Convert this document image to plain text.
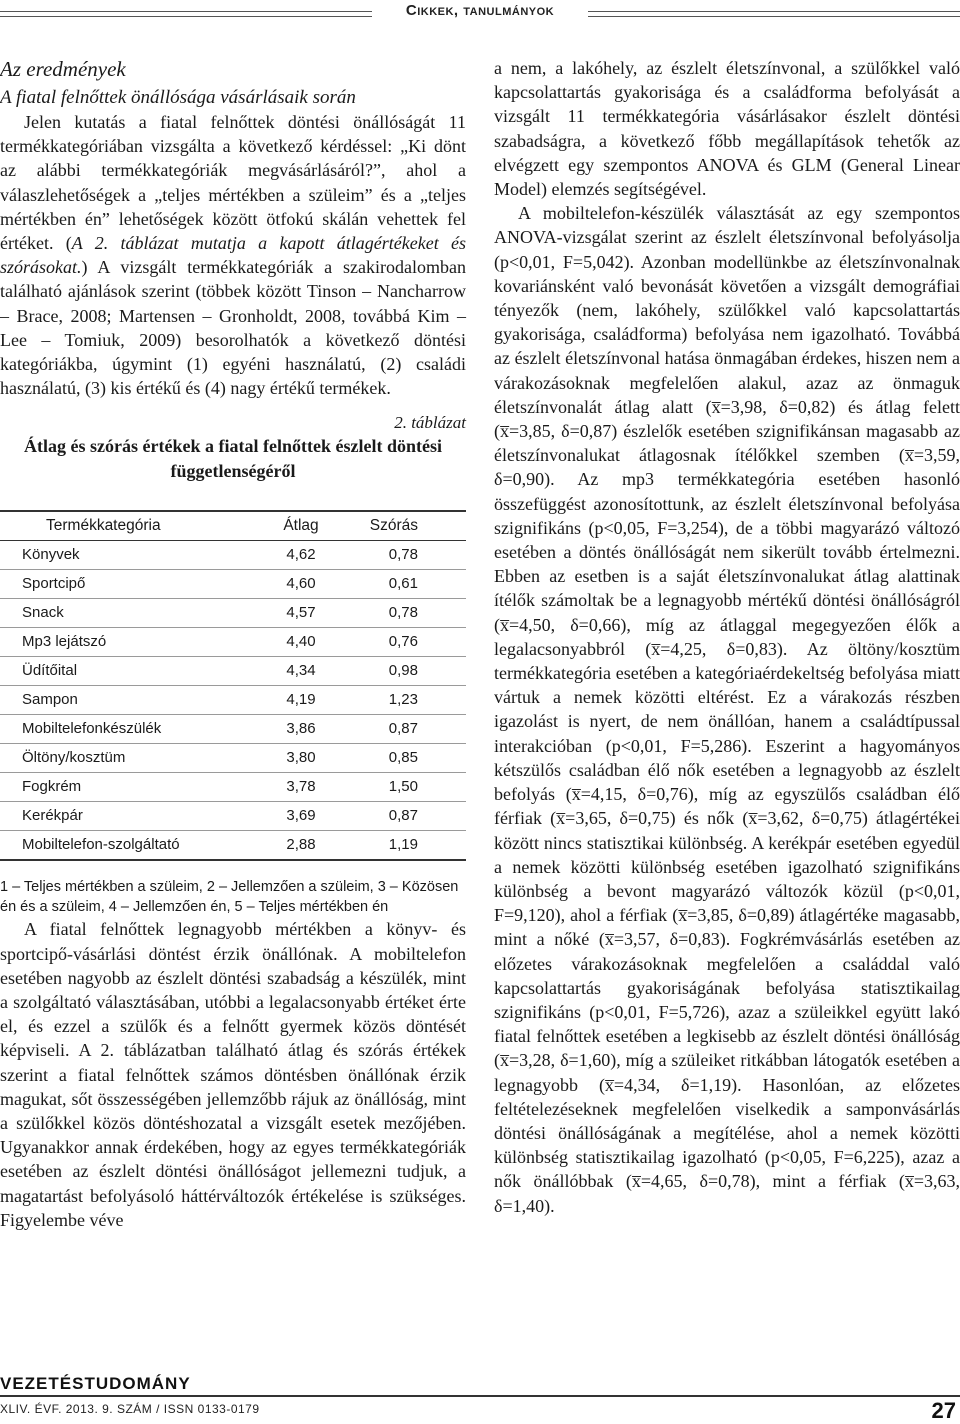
Cikkek, tanulmányok
Az eredmények
A fiatal felnőttek önállósága vásárlásaik során

Jelen kutatás a fiatal felnőttek döntési önállóságát 11 termékkategóriában vizsgálta a következő kérdéssel: „Ki dönt az alábbi termékkategóriák megvásárlásáról?”, ahol a válaszlehetőségek a „teljes mértékben a szüleim” és a „teljes mértékben én” lehetőségek között ötfokú skálán vehettek fel értéket. (A 2. táblázat mutatja a kapott átlagértékeket és szórásokat.) A vizsgált termékkategóriák a szakirodalomban található ajánlások szerint (többek között Tinson – Nancharrow – Brace, 2008; Martensen – Gronholdt, 2008, továbbá Kim – Lee – Tomiuk, 2009) besorolhatók a következő döntési kategóriákba, úgymint (1) egyéni használatú, (2) családi használatú, (3) kis értékű és (4) nagy értékű termékek.

2. táblázat
Átlag és szórás értékek a fiatal felnőttek észlelt döntési függetlenségéről
Termékkategória	Átlag	Szórás
Könyvek	4,62	0,78
Sportcipő	4,60	0,61
Snack	4,57	0,78
Mp3 lejátszó	4,40	0,76
Üdítőital	4,34	0,98
Sampon	4,19	1,23
Mobiltelefonkészülék	3,86	0,87
Öltöny/kosztüm	3,80	0,85
Fogkrém	3,78	1,50
Kerékpár	3,69	0,87
Mobiltelefon-szolgáltató	2,88	1,19
1 – Teljes mértékben a szüleim, 2 – Jellemzően a szüleim, 3 – Közösen én és a szüleim, 4 – Jellemzően én, 5 – Teljes mértékben én

A fiatal felnőttek legnagyobb mértékben a könyv- és sportcipő-vásárlási döntést érzik önállónak. A mobiltelefon esetében nagyobb az észlelt döntési szabadság a készülék, mint a szolgáltató választásában, utóbbi a legalacsonyabb értéket érte el, és ezzel a szülők és a felnőtt gyermek közös döntését képviseli. A 2. táblázatban található átlag és szórás értékek szerint a fiatal felnőttek számos döntésben önállónak érzik magukat, sőt összességében jellemzőbb rájuk az önállóság, mint a szülőkkel közös döntéshozatal a vizsgált esetek mezőjében. Ugyanakkor annak érdekében, hogy az egyes termékkategóriák esetében az észlelt döntési önállóságot jellemezni tudjuk, a magatartást befolyásoló háttérváltozók értékelése is szükséges. Figyelembe véve

a nem, a lakóhely, az észlelt életszínvonal, a szülőkkel való kapcsolattartás gyakorisága és a családforma befolyását a vizsgált 11 termékkategória vásárlásakor észlelt döntési szabadságra, a következő főbb megállapítások tehetők az elvégzett egy szempontos ANOVA és GLM (General Linear Model) elemzés segítségével.

A mobiltelefon-készülék választását az egy szempontos ANOVA-vizsgálat szerint az észlelt életszínvonal befolyásolja (p<0,01, F=5,042). Azonban modellünkbe az életszínvonalnak kovariánsként való bevonását követően a vizsgált demográfiai tényezők (nem, lakóhely, szülőkkel való kapcsolattartás gyakorisága, családforma) befolyása nem igazolható. Továbbá az észlelt életszínvonal hatása önmagában érdekes, hiszen nem a várakozásoknak megfelelően alakul, azaz az önmaguk életszínvonalát átlag alatt (x̅=3,98, δ=0,82) és átlag felett (x̅=3,85, δ=0,87) észlelők esetében szignifikánsan magasabb az életszínvonalukat átlagosnak ítélőkkel szemben (x̅=3,59, δ=0,90). Az mp3 termékkategória esetében hasonló összefüggést azonosítottunk, az észlelt életszínvonal befolyása szignifikáns (p<0,05, F=3,254), de a többi magyarázó változó esetében a döntés önállóságát nem sikerült tovább értelmezni. Ebben az esetben is a saját életszínvonalukat átlag alattinak ítélők számoltak be a legnagyobb mértékű döntési önállóságról (x̅=4,50, δ=0,66), míg az átlaggal megegyezően élők a legalacsonyabbról (x̅=4,25, δ=0,83). Az öltöny/kosztüm termékkategória esetében a kategóriaérdekeltség befolyása miatt vártuk a nemek közötti eltérést. Ez a várakozás részben igazolást is nyert, de nem önállóan, hanem a családtípussal interakcióban (p<0,01, F=5,286). Eszerint a hagyományos kétszülős családban élő nők esetében a legnagyobb az észlelt befolyás (x̅=4,15, δ=0,76), míg az egyszülős családban élő férfiak (x̅=3,65, δ=0,75) és nők (x̅=3,62, δ=0,75) átlagértékei között nincs statisztikai különbség. A kerékpár esetében egyedül a nemek közötti különbség esetében igazolható szignifikáns különbség a bevont magyarázó változók közül (p<0,01, F=9,120), ahol a férfiak (x̅=3,85, δ=0,89) átlagértéke magasabb, mint a nőké (x̅=3,57, δ=0,83). Fogkrémvásárlás esetében az előzetes várakozásoknak megfelelően a családdal való kapcsolattartás gyakoriságának befolyása statisztikailag szignifikáns (p<0,01, F=5,726), azaz a szüleikkel együtt lakó fiatal felnőttek esetében a legkisebb az észlelt döntési önállóság (x̅=3,28, δ=1,60), míg a szüleiket ritkábban látogatók esetében a legnagyobb (x̅=4,34, δ=1,19). Hasonlóan, az előzetes feltételezéseknek megfelelően viselkedik a samponvásárlás döntési önállóságának a megítélése, ahol a nemek közötti különbség statisztikailag igazolható (p<0,05, F=6,225), azaz a nők önállóbbak (x̅=4,65, δ=0,78), mint a férfiak (x̅=3,63, δ=1,40).

VEZETÉSTUDOMÁNY
XLIV. ÉVF. 2013. 9. SZÁM / ISSN 0133-0179	27
